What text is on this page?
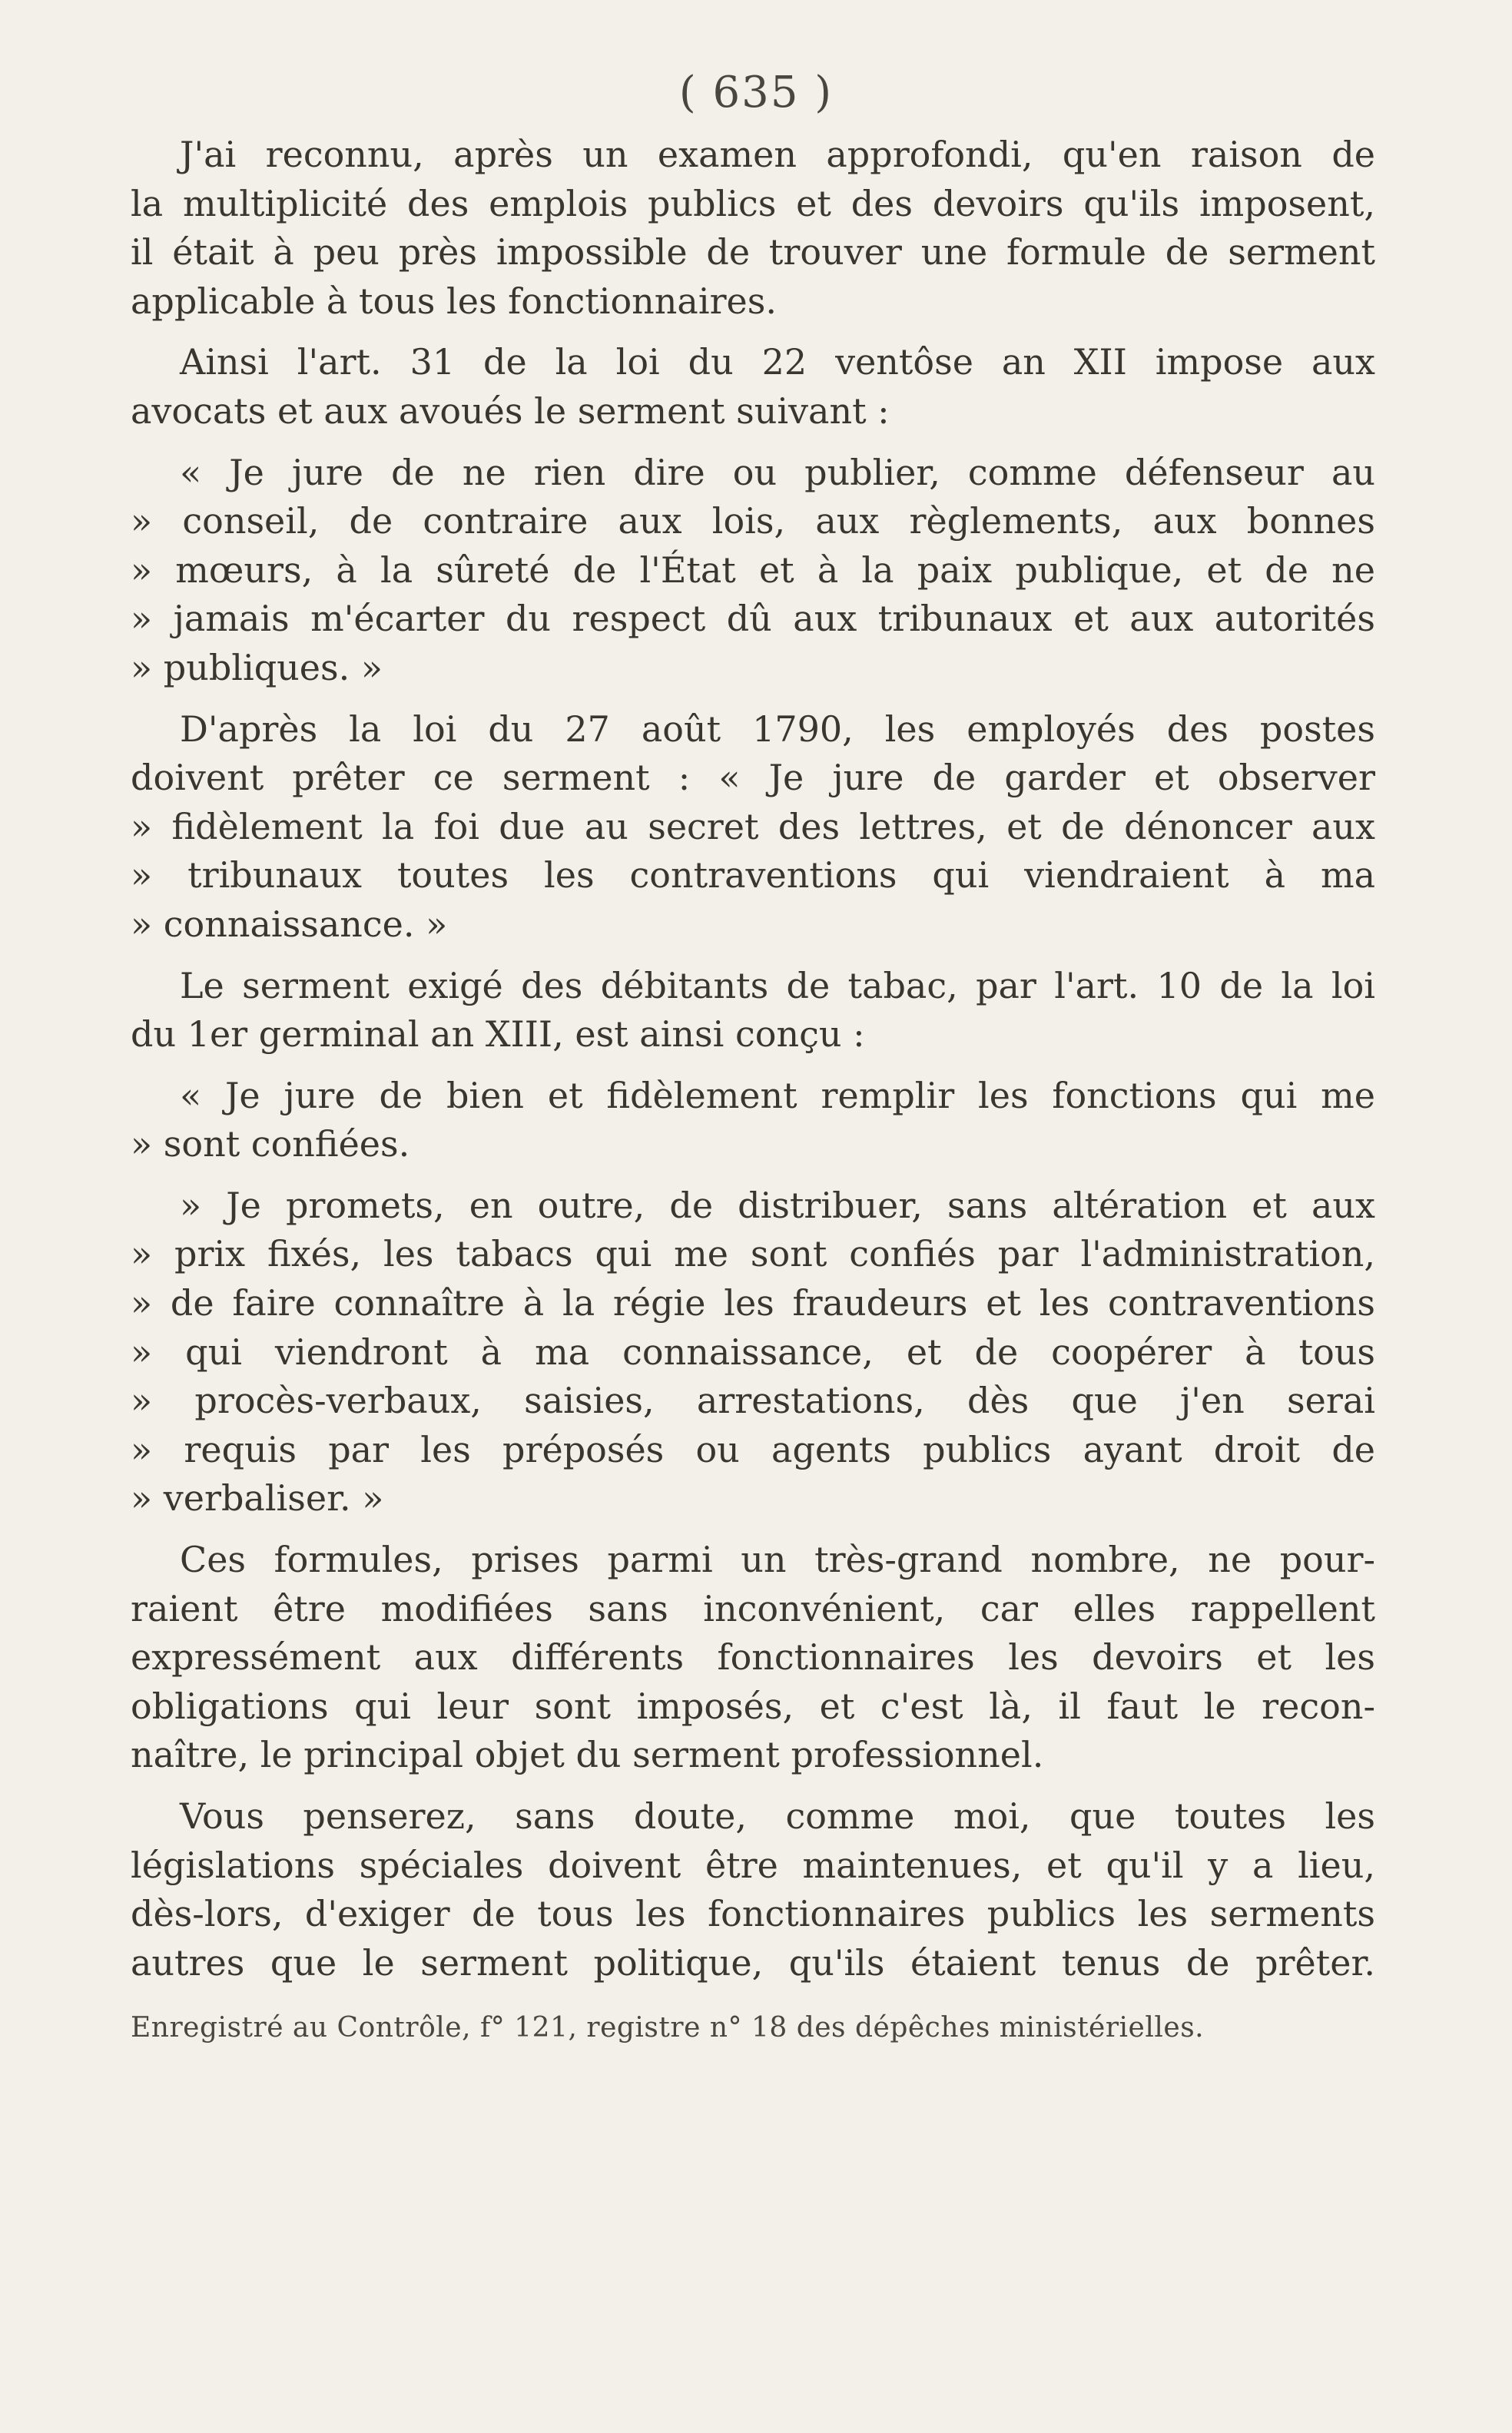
( 635 )
J'ai reconnu, après un examen approfondi, qu'en raison de
la multiplicité des emplois publics et des devoirs qu'ils imposent,
il était à peu près impossible de trouver une formule de serment
applicable à tous les fonctionnaires.
Ainsi l'art. 31 de la loi du 22 ventôse an XII impose aux
avocats et aux avoués le serment suivant :
« Je jure de ne rien dire ou publier, comme défenseur au
» conseil, de contraire aux lois, aux règlements, aux bonnes
» mœurs, à la sûreté de l'État et à la paix publique, et de ne
» jamais m'écarter du respect dû aux tribunaux et aux autorités
» publiques. »
D'après la loi du 27 août 1790, les employés des postes
doivent prêter ce serment : « Je jure de garder et observer
» fidèlement la foi due au secret des lettres, et de dénoncer aux
» tribunaux toutes les contraventions qui viendraient à ma
» connaissance. »
Le serment exigé des débitants de tabac, par l'art. 10 de la loi
du 1er germinal an XIII, est ainsi conçu :
« Je jure de bien et fidèlement remplir les fonctions qui me
» sont confiées.
» Je promets, en outre, de distribuer, sans altération et aux
» prix fixés, les tabacs qui me sont confiés par l'administration,
» de faire connaître à la régie les fraudeurs et les contraventions
» qui viendront à ma connaissance, et de coopérer à tous
» procès-verbaux, saisies, arrestations, dès que j'en serai
» requis par les préposés ou agents publics ayant droit de
» verbaliser. »
Ces formules, prises parmi un très-grand nombre, ne pour-
raient être modifiées sans inconvénient, car elles rappellent
expressément aux différents fonctionnaires les devoirs et les
obligations qui leur sont imposés, et c'est là, il faut le recon-
naître, le principal objet du serment professionnel.
Vous penserez, sans doute, comme moi, que toutes les
législations spéciales doivent être maintenues, et qu'il y a lieu,
dès-lors, d'exiger de tous les fonctionnaires publics les serments
autres que le serment politique, qu'ils étaient tenus de prêter.
Enregistré au Contrôle, f° 121, registre n° 18 des dépêches ministérielles.
